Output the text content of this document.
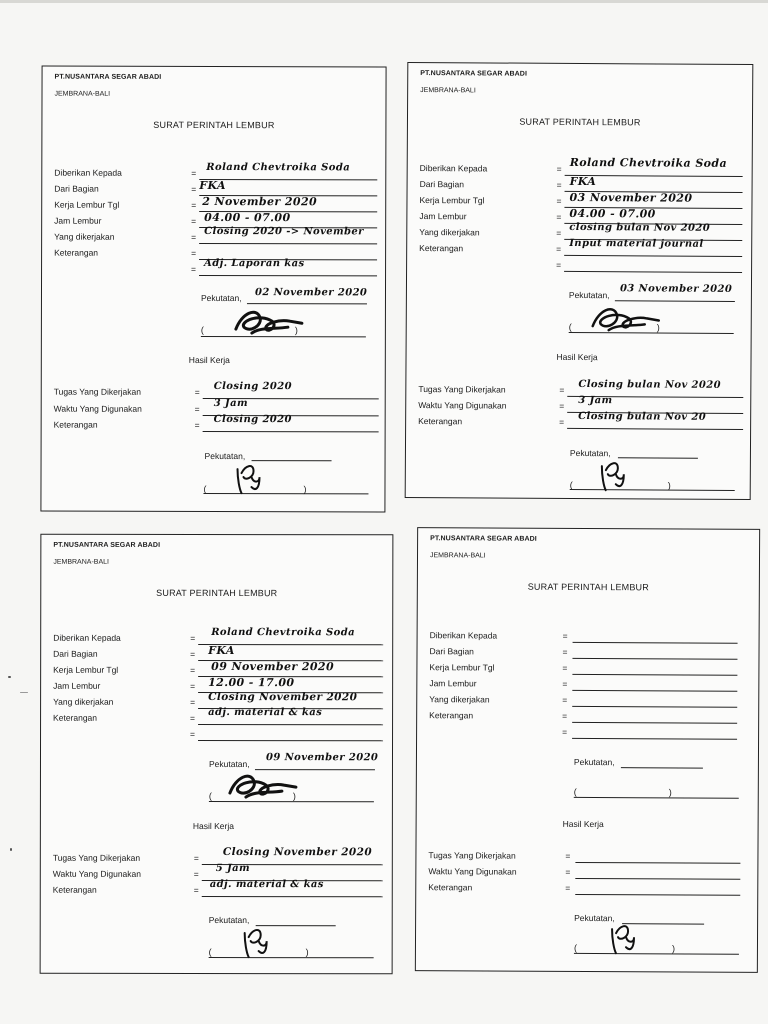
PT.NUSANTARA SEGAR ABADI
JEMBRANA-BALI
SURAT PERINTAH LEMBUR
Diberikan Kepada	= Roland Chevtroika Soda
Dari Bagian	= FKA
Kerja Lembur Tgl	= 2 November 2020
Jam Lembur	= 04.00 - 07.00
Yang dikerjakan	= Closing 2020 -> November
Keterangan	=
= Adj. Laporan kas
Pekutatan, 02 November 2020
(	)
Hasil Kerja
Tugas Yang Dikerjakan	= Closing 2020
Waktu Yang Digunakan	= 3 Jam
Keterangan	= Closing 2020
Pekutatan,
(	)
PT.NUSANTARA SEGAR ABADI
JEMBRANA-BALI
SURAT PERINTAH LEMBUR
Diberikan Kepada	= Roland Chevtroika Soda
Dari Bagian	= FKA
Kerja Lembur Tgl	= 03 November 2020
Jam Lembur	= 04.00 - 07.00
Yang dikerjakan	= closing bulan Nov 2020
Keterangan	= Input material journal
=
Pekutatan,
03 November 2020
(	)
Hasil Kerja
Tugas Yang Dikerjakan	= Closing bulan Nov 2020
Waktu Yang Digunakan	= 3 Jam
Keterangan	= Closing bulan Nov 20
Pekutatan,
(	)
PT.NUSANTARA SEGAR ABADI
JEMBRANA-BALI
SURAT PERINTAH LEMBUR
Diberikan Kepada	= Roland Chevtroika Soda
Dari Bagian	= FKA
Kerja Lembur Tgl	= 09 November 2020
Jam Lembur	= 12.00 - 17.00
Yang dikerjakan	= Closing November 2020
Keterangan	= adj. material & kas
=
Pekutatan,
09 November 2020
(	)
Hasil Kerja
Tugas Yang Dikerjakan	= Closing November 2020
Waktu Yang Digunakan	= 5 Jam
Keterangan	= adj. material & kas
Pekutatan,
(	)
PT.NUSANTARA SEGAR ABADI
JEMBRANA-BALI
SURAT PERINTAH LEMBUR
Diberikan Kepada	=
Dari Bagian	=
Kerja Lembur Tgl	=
Jam Lembur	=
Yang dikerjakan	=
Keterangan	=
=
Pekutatan,
(	)
Hasil Kerja
Tugas Yang Dikerjakan	=
Waktu Yang Digunakan	=
Keterangan	=
Pekutatan,
(	)
